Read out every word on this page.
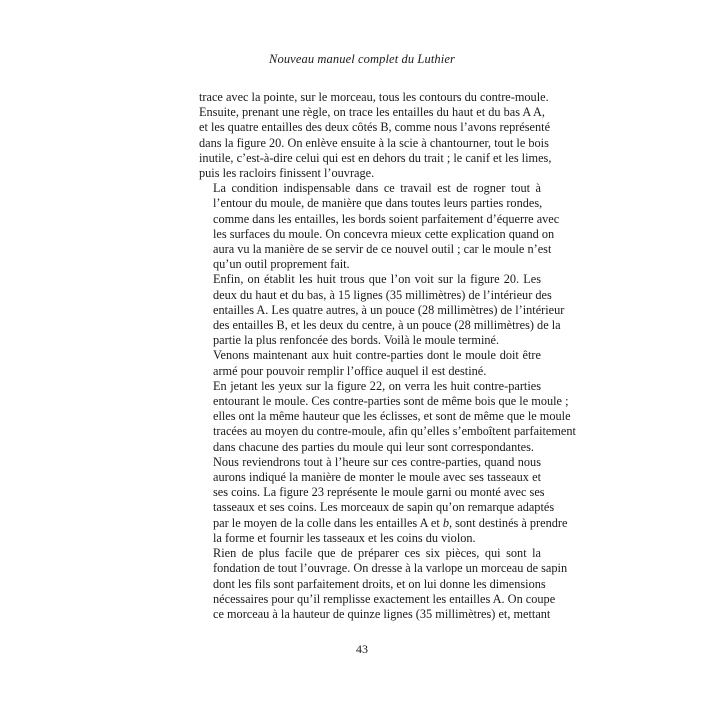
Nouveau manuel complet du Luthier

trace avec la pointe, sur le morceau, tous les contours du contre-moule.
Ensuite, prenant une règle, on trace les entailles du haut et du bas A A,
et les quatre entailles des deux côtés B, comme nous l’avons représenté
dans la figure 20. On enlève ensuite à la scie à chantourner, tout le bois
inutile, c’est-à-dire celui qui est en dehors du trait ; le canif et les limes,
puis les racloirs finissent l’ouvrage.

La condition indispensable dans ce travail est de rogner tout à
l’entour du moule, de manière que dans toutes leurs parties rondes,
comme dans les entailles, les bords soient parfaitement d’équerre avec
les surfaces du moule. On concevra mieux cette explication quand on
aura vu la manière de se servir de ce nouvel outil ; car le moule n’est
qu’un outil proprement fait.

Enfin, on établit les huit trous que l’on voit sur la figure 20. Les
deux du haut et du bas, à 15 lignes (35 millimètres) de l’intérieur des
entailles A. Les quatre autres, à un pouce (28 millimètres) de l’intérieur
des entailles B, et les deux du centre, à un pouce (28 millimètres) de la
partie la plus renfoncée des bords. Voilà le moule terminé.

Venons maintenant aux huit contre-parties dont le moule doit être
armé pour pouvoir remplir l’office auquel il est destiné.

En jetant les yeux sur la figure 22, on verra les huit contre-parties
entourant le moule. Ces contre-parties sont de même bois que le moule ;
elles ont la même hauteur que les éclisses, et sont de même que le moule
tracées au moyen du contre-moule, afin qu’elles s’emboîtent parfaitement
dans chacune des parties du moule qui leur sont correspondantes.

Nous reviendrons tout à l’heure sur ces contre-parties, quand nous
aurons indiqué la manière de monter le moule avec ses tasseaux et
ses coins. La figure 23 représente le moule garni ou monté avec ses
tasseaux et ses coins. Les morceaux de sapin qu’on remarque adaptés
par le moyen de la colle dans les entailles A et b, sont destinés à prendre
la forme et fournir les tasseaux et les coins du violon.

Rien de plus facile que de préparer ces six pièces, qui sont la
fondation de tout l’ouvrage. On dresse à la varlope un morceau de sapin
dont les fils sont parfaitement droits, et on lui donne les dimensions
nécessaires pour qu’il remplisse exactement les entailles A. On coupe
ce morceau à la hauteur de quinze lignes (35 millimètres) et, mettant

43
